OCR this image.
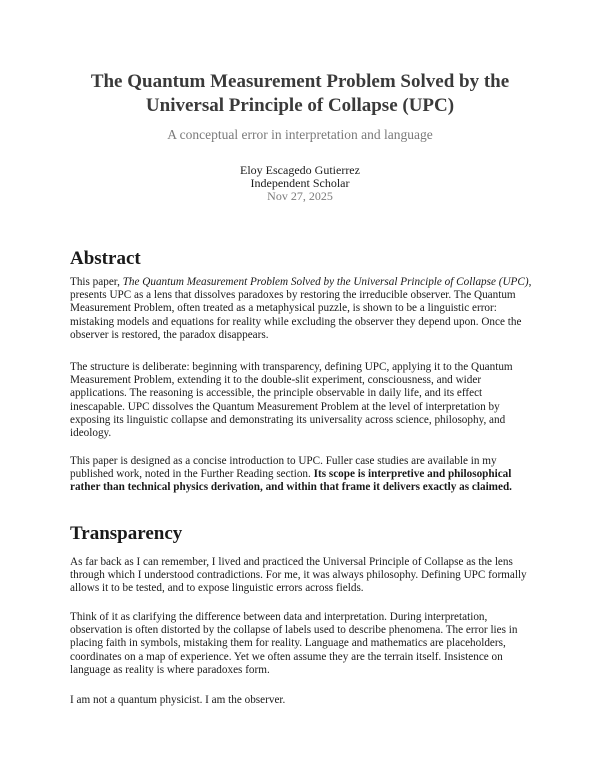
The Quantum Measurement Problem Solved by the
Universal Principle of Collapse (UPC)
A conceptual error in interpretation and language
Eloy Escagedo Gutierrez
Independent Scholar
Nov 27, 2025
Abstract
This paper, The Quantum Measurement Problem Solved by the Universal Principle of Collapse (UPC), presents UPC as a lens that dissolves paradoxes by restoring the irreducible observer. The Quantum Measurement Problem, often treated as a metaphysical puzzle, is shown to be a linguistic error: mistaking models and equations for reality while excluding the observer they depend upon. Once the observer is restored, the paradox disappears.
The structure is deliberate: beginning with transparency, defining UPC, applying it to the Quantum Measurement Problem, extending it to the double-slit experiment, consciousness, and wider applications. The reasoning is accessible, the principle observable in daily life, and its effect inescapable. UPC dissolves the Quantum Measurement Problem at the level of interpretation by exposing its linguistic collapse and demonstrating its universality across science, philosophy, and ideology.
This paper is designed as a concise introduction to UPC. Fuller case studies are available in my published work, noted in the Further Reading section. Its scope is interpretive and philosophical rather than technical physics derivation, and within that frame it delivers exactly as claimed.
Transparency
As far back as I can remember, I lived and practiced the Universal Principle of Collapse as the lens through which I understood contradictions. For me, it was always philosophy. Defining UPC formally allows it to be tested, and to expose linguistic errors across fields.
Think of it as clarifying the difference between data and interpretation. During interpretation, observation is often distorted by the collapse of labels used to describe phenomena. The error lies in placing faith in symbols, mistaking them for reality. Language and mathematics are placeholders, coordinates on a map of experience. Yet we often assume they are the terrain itself. Insistence on language as reality is where paradoxes form.
I am not a quantum physicist. I am the observer.
